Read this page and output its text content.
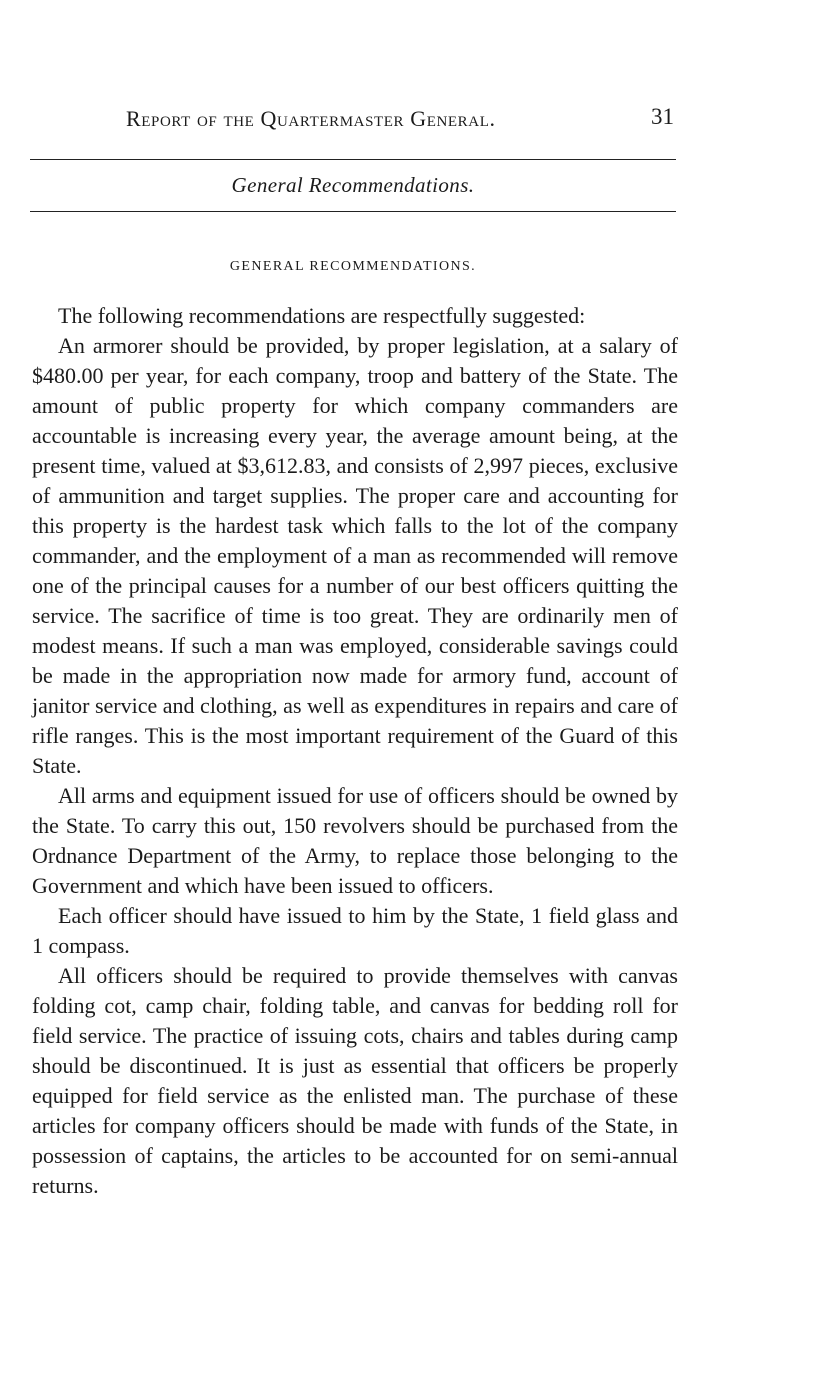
Report of the Quartermaster General.	31
General Recommendations.
GENERAL RECOMMENDATIONS.

The following recommendations are respectfully suggested:

An armorer should be provided, by proper legislation, at a salary of $480.00 per year, for each company, troop and battery of the State. The amount of public property for which company commanders are accountable is increasing every year, the average amount being, at the present time, valued at $3,612.83, and consists of 2,997 pieces, exclusive of ammunition and target supplies. The proper care and accounting for this property is the hardest task which falls to the lot of the company commander, and the employment of a man as recommended will remove one of the principal causes for a number of our best officers quitting the service. The sacrifice of time is too great. They are ordinarily men of modest means. If such a man was employed, considerable savings could be made in the appropriation now made for armory fund, account of janitor service and clothing, as well as expenditures in repairs and care of rifle ranges. This is the most important requirement of the Guard of this State.

All arms and equipment issued for use of officers should be owned by the State. To carry this out, 150 revolvers should be purchased from the Ordnance Department of the Army, to replace those belonging to the Government and which have been issued to officers.

Each officer should have issued to him by the State, 1 field glass and 1 compass.

All officers should be required to provide themselves with canvas folding cot, camp chair, folding table, and canvas for bedding roll for field service. The practice of issuing cots, chairs and tables during camp should be discontinued. It is just as essential that officers be properly equipped for field service as the enlisted man. The purchase of these articles for company officers should be made with funds of the State, in possession of captains, the articles to be accounted for on semi-annual returns.
